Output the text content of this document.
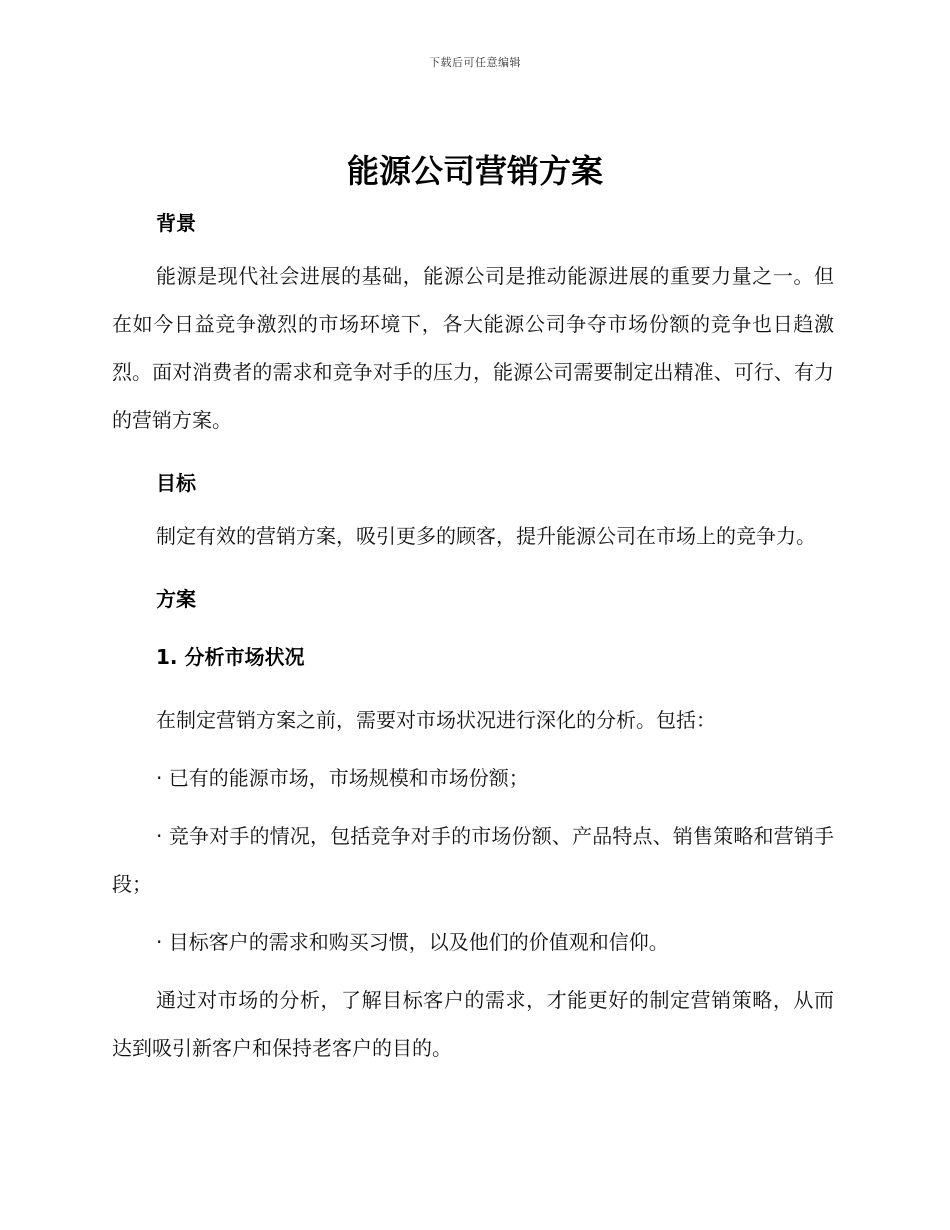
下载后可任意编辑
能源公司营销方案
背景

能源是现代社会进展的基础，能源公司是推动能源进展的重要力量之一。但在如今日益竞争激烈的市场环境下，各大能源公司争夺市场份额的竞争也日趋激烈。面对消费者的需求和竞争对手的压力，能源公司需要制定出精准、可行、有力的营销方案。

目标

制定有效的营销方案，吸引更多的顾客，提升能源公司在市场上的竞争力。

方案
1. 分析市场状况

在制定营销方案之前，需要对市场状况进行深化的分析。包括：

· 已有的能源市场，市场规模和市场份额；

· 竞争对手的情况，包括竞争对手的市场份额、产品特点、销售策略和营销手段；

· 目标客户的需求和购买习惯，以及他们的价值观和信仰。

通过对市场的分析，了解目标客户的需求，才能更好的制定营销策略，从而达到吸引新客户和保持老客户的目的。
